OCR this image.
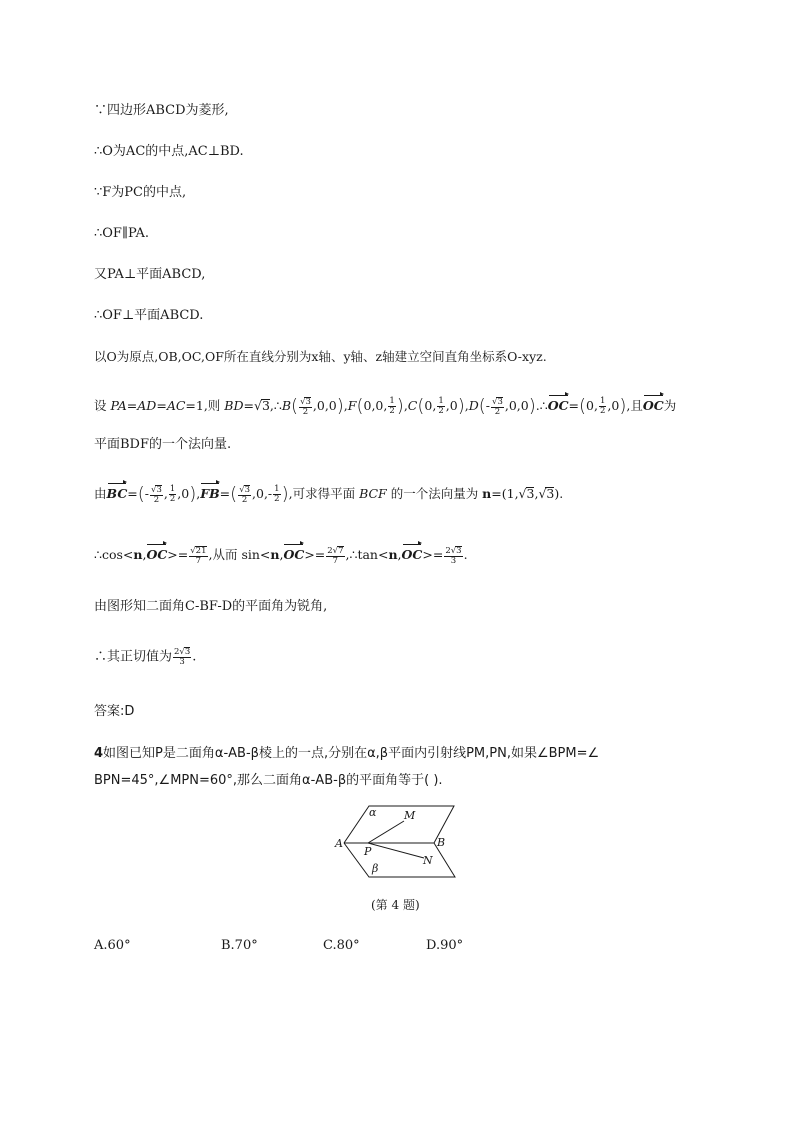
∵四边形ABCD为菱形,
∴O为AC的中点,AC⊥BD.
∵F为PC的中点,
∴OF∥PA.
又PA⊥平面ABCD,
∴OF⊥平面ABCD.
以O为原点,OB,OC,OF所在直线分别为x轴、y轴、z轴建立空间直角坐标系O-xyz.
设 PA=AD=AC=1,则 BD=√3,∴B( $\frac{√3}{2} ,0,0),F(0,0$, $\frac{1}{2} ),C(0$, $\frac{1}{2} ,0),D(- \frac{√3}{2}$ ,0,0).∴OC=(0, $\frac{1}{2} ,0$),且OC为
平面BDF的一个法向量.
由$BC=(- \frac{√3}{2}$ , $\frac{1}{2} ,0),FB=( \frac{√3}{2} ,0,- \frac{1}{2}$ ),可求得平面 BCF 的一个法向量为 n=(1,√3,√3).
∴cos<n,OC>= $\frac{√21}{7}$ ,从而 $\sin<n,OC>= \frac{2√7}{7}$ ,∴tan<n,OC>= $\frac{2√3}{3}$ .
由图形知二面角C-BF-D的平面角为锐角,
∴其正切值为 $\frac{2√3}{3}$ .
答案:D
4如图已知P是二面角α-AB-β棱上的一点,分别在α,β平面内引射线PM,PN,如果∠BPM=∠
BPN=45°,∠MPN=60°,那么二面角α-AB-β的平面角等于( ).
α	M
A
P
B
N
β
(第 4 题)
A.60°	B.70°	C.80°	D.90°
